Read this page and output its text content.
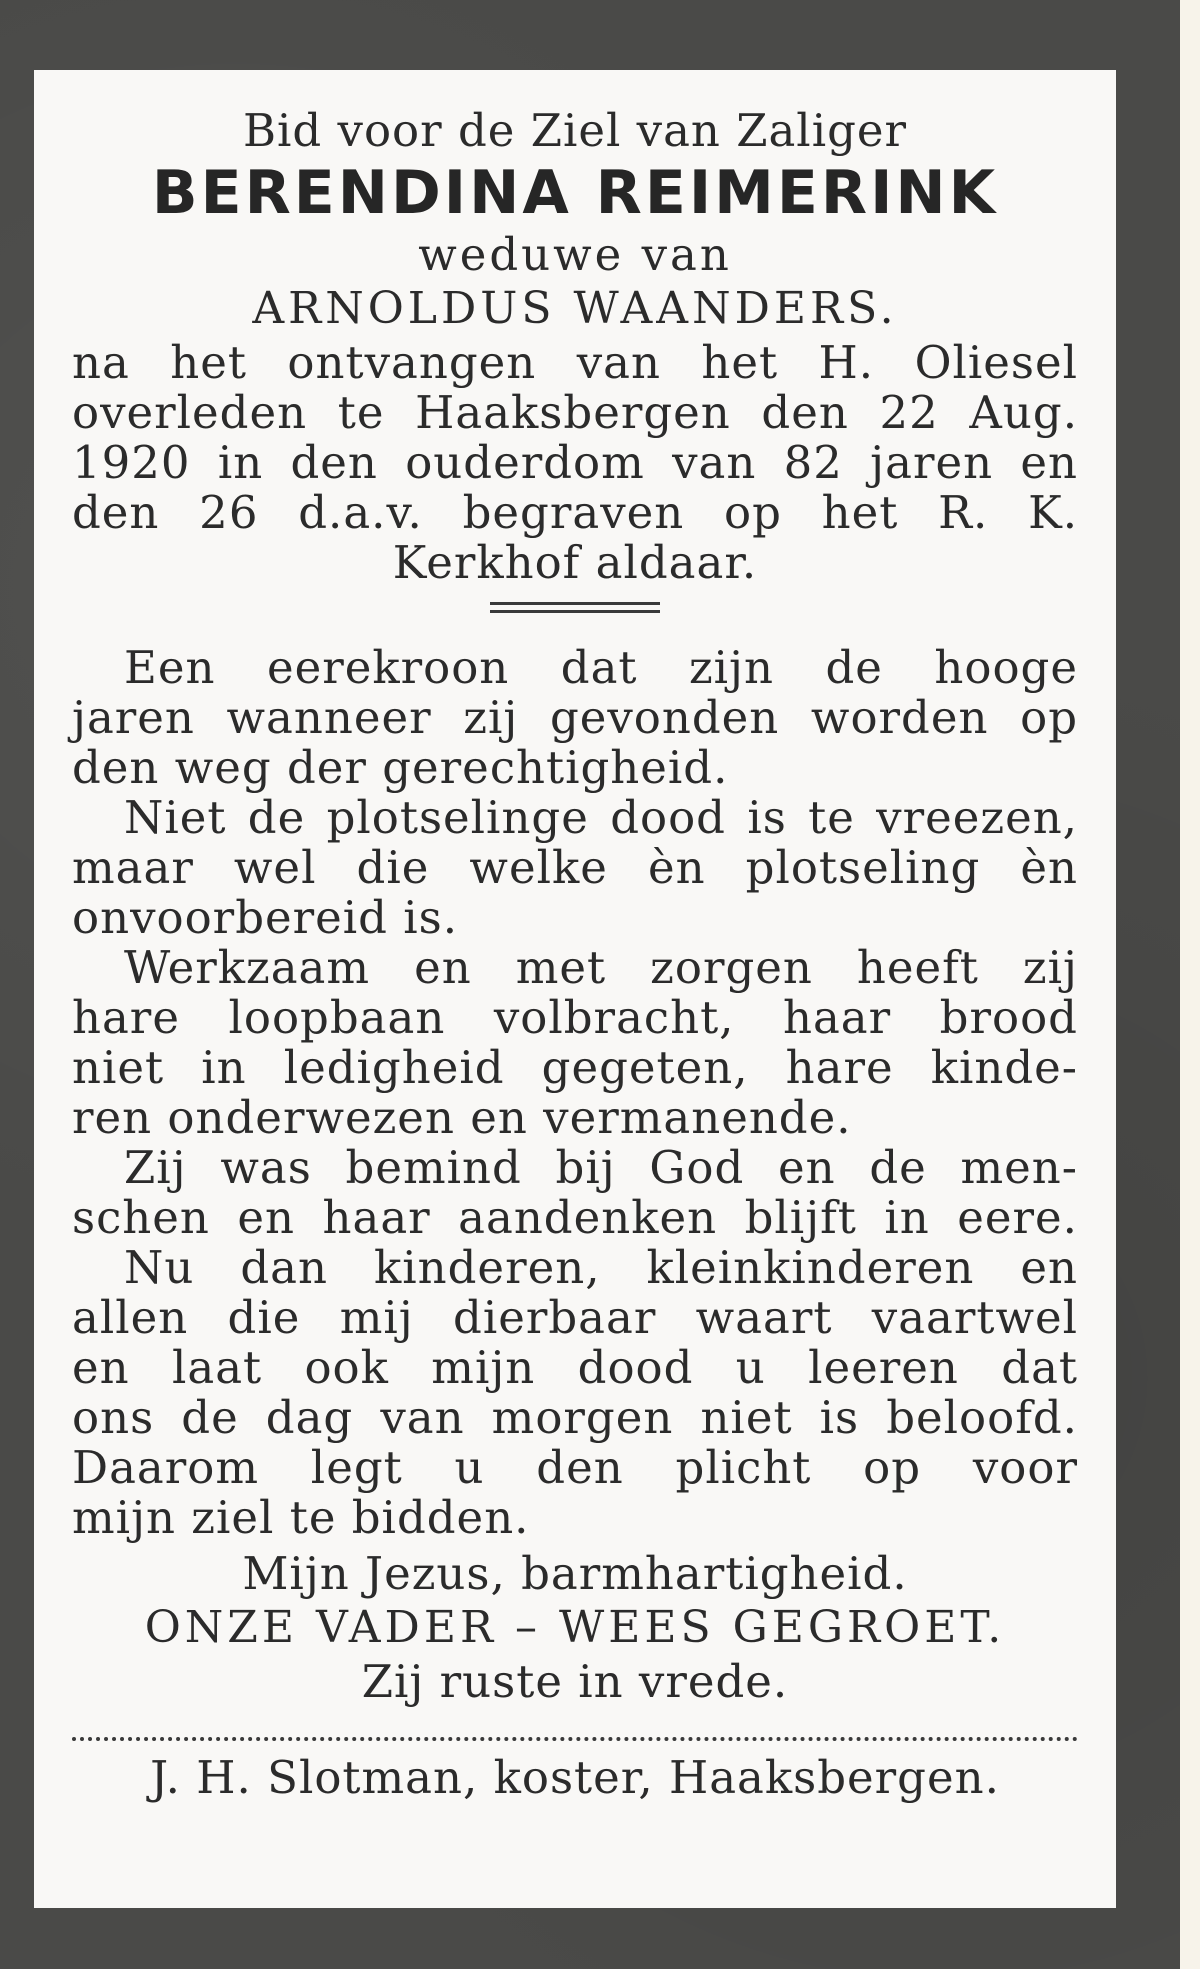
Bid voor de Ziel van Zaliger
BERENDINA REIMERINK
weduwe van
ARNOLDUS WAANDERS.
na het ontvangen van het H. Oliesel
overleden te Haaksbergen den 22 Aug.
1920 in den ouderdom van 82 jaren en
den 26 d.a.v. begraven op het R. K.
Kerkhof aldaar.
Een eerekroon dat zijn de hooge
jaren wanneer zij gevonden worden op
den weg der gerechtigheid.
Niet de plotselinge dood is te vreezen,
maar wel die welke èn plotseling èn
onvoorbereid is.
Werkzaam en met zorgen heeft zij
hare loopbaan volbracht, haar brood
niet in ledigheid gegeten, hare kinde-
ren onderwezen en vermanende.
Zij was bemind bij God en de men-
schen en haar aandenken blijft in eere.
Nu dan kinderen, kleinkinderen en
allen die mij dierbaar waart vaartwel
en laat ook mijn dood u leeren dat
ons de dag van morgen niet is beloofd.
Daarom legt u den plicht op voor
mijn ziel te bidden.
Mijn Jezus, barmhartigheid.
ONZE VADER – WEES GEGROET.
Zij ruste in vrede.
J. H. Slotman, koster, Haaksbergen.
